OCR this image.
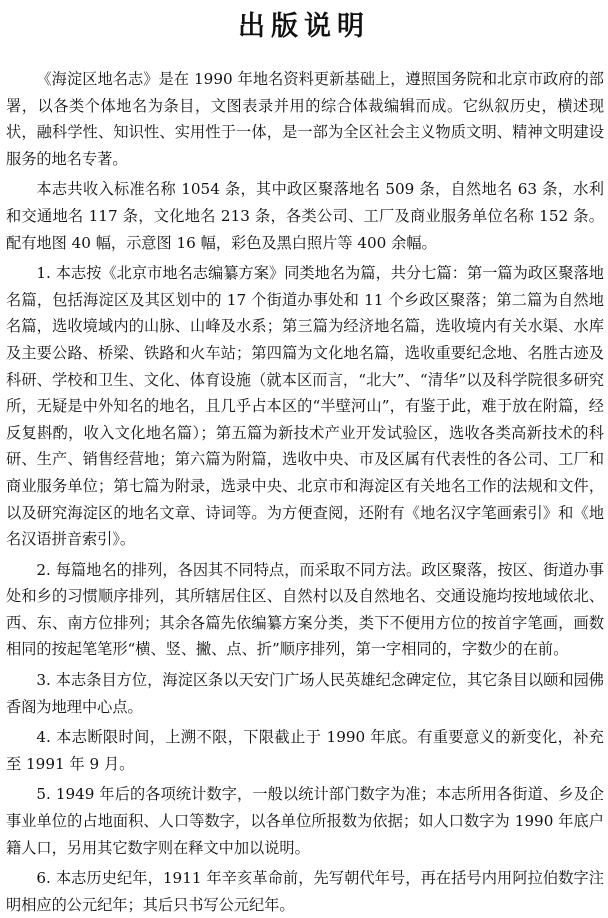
出版说明

《海淀区地名志》是在 1990 年地名资料更新基础上，遵照国务院和北京市政府的部署，以各类个体地名为条目，文图表录并用的综合体裁编辑而成。它纵叙历史，横述现状，融科学性、知识性、实用性于一体，是一部为全区社会主义物质文明、精神文明建设服务的地名专著。

本志共收入标准名称 1054 条，其中政区聚落地名 509 条，自然地名 63 条，水利和交通地名 117 条，文化地名 213 条，各类公司、工厂及商业服务单位名称 152 条。配有地图 40 幅，示意图 16 幅，彩色及黑白照片等 400 余幅。

1. 本志按《北京市地名志编纂方案》同类地名为篇，共分七篇：第一篇为政区聚落地名篇，包括海淀区及其区划中的 17 个街道办事处和 11 个乡政区聚落；第二篇为自然地名篇，选收境域内的山脉、山峰及水系；第三篇为经济地名篇，选收境内有关水渠、水库及主要公路、桥梁、铁路和火车站；第四篇为文化地名篇，选收重要纪念地、名胜古迹及科研、学校和卫生、文化、体育设施（就本区而言，“北大”、“清华”以及科学院很多研究所，无疑是中外知名的地名，且几乎占本区的“半壁河山”，有鉴于此，难于放在附篇，经反复斟酌，收入文化地名篇）；第五篇为新技术产业开发试验区，选收各类高新技术的科研、生产、销售经营地；第六篇为附篇，选收中央、市及区属有代表性的各公司、工厂和商业服务单位；第七篇为附录，选录中央、北京市和海淀区有关地名工作的法规和文件，以及研究海淀区的地名文章、诗词等。为方便查阅，还附有《地名汉字笔画索引》和《地名汉语拼音索引》。

2. 每篇地名的排列，各因其不同特点，而采取不同方法。政区聚落，按区、街道办事处和乡的习惯顺序排列，其所辖居住区、自然村以及自然地名、交通设施均按地域依北、西、东、南方位排列；其余各篇先依编纂方案分类，类下不便用方位的按首字笔画，画数相同的按起笔笔形“横、竖、撇、点、折”顺序排列，第一字相同的，字数少的在前。

3. 本志条目方位，海淀区条以天安门广场人民英雄纪念碑定位，其它条目以颐和园佛香阁为地理中心点。

4. 本志断限时间，上溯不限，下限截止于 1990 年底。有重要意义的新变化，补充至 1991 年 9 月。

5. 1949 年后的各项统计数字，一般以统计部门数字为准；本志所用各街道、乡及企事业单位的占地面积、人口等数字，以各单位所报数为依据；如人口数字为 1990 年底户籍人口，另用其它数字则在释文中加以说明。

6. 本志历史纪年，1911 年辛亥革命前，先写朝代年号，再在括号内用阿拉伯数字注明相应的公元纪年；其后只书写公元纪年。
